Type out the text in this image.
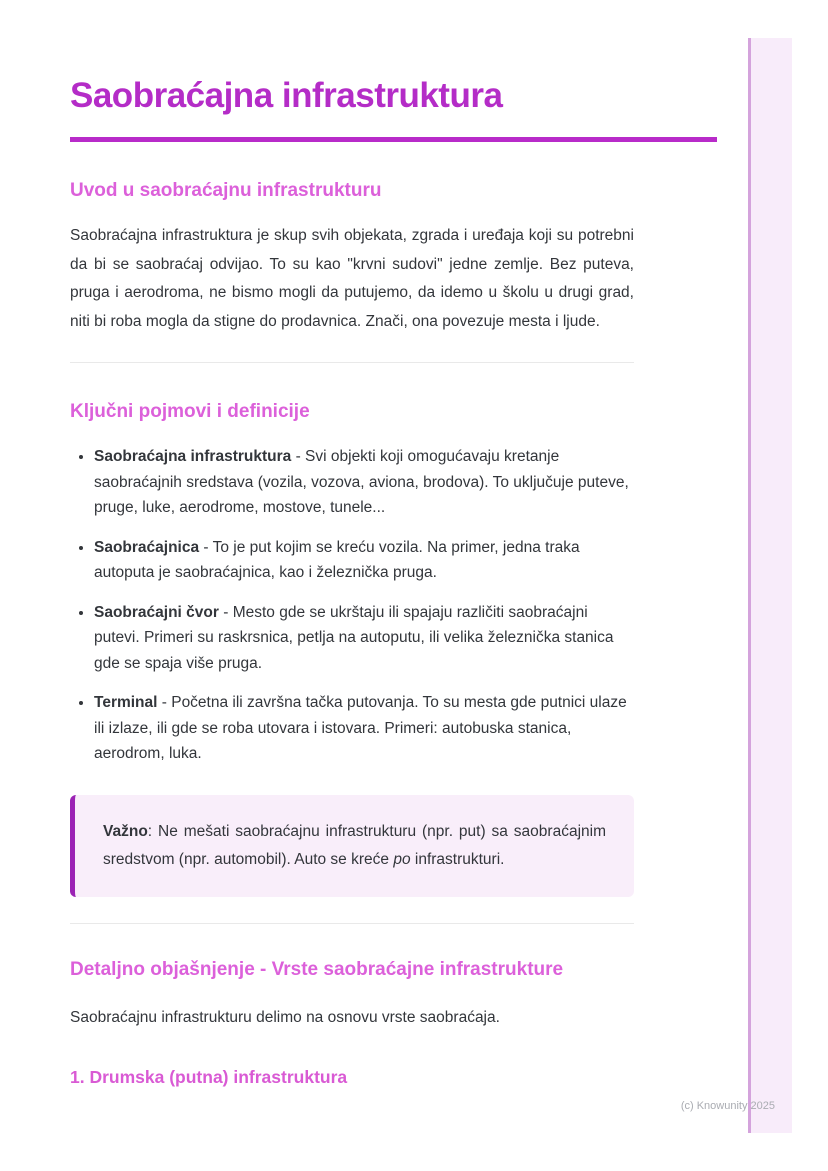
Saobraćajna infrastruktura
Uvod u saobraćajnu infrastrukturu

Saobraćajna infrastruktura je skup svih objekata, zgrada i uređaja koji su potrebni da bi se saobraćaj odvijao. To su kao "krvni sudovi" jedne zemlje. Bez puteva, pruga i aerodroma, ne bismo mogli da putujemo, da idemo u školu u drugi grad, niti bi roba mogla da stigne do prodavnica. Znači, ona povezuje mesta i ljude.

Ključni pojmovi i definicije
• Saobraćajna infrastruktura - Svi objekti koji omogućavaju kretanje saobraćajnih sredstava (vozila, vozova, aviona, brodova). To uključuje puteve, pruge, luke, aerodrome, mostove, tunele...
• Saobraćajnica - To je put kojim se kreću vozila. Na primer, jedna traka autoputa je saobraćajnica, kao i železnička pruga.
• Saobraćajni čvor - Mesto gde se ukrštaju ili spajaju različiti saobraćajni putevi. Primeri su raskrsnica, petlja na autoputu, ili velika železnička stanica gde se spaja više pruga.
• Terminal - Početna ili završna tačka putovanja. To su mesta gde putnici ulaze ili izlaze, ili gde se roba utovara i istovara. Primeri: autobuska stanica, aerodrom, luka.
Važno: Ne mešati saobraćajnu infrastrukturu (npr. put) sa saobraćajnim sredstvom (npr. automobil). Auto se kreće po infrastrukturi.
Detaljno objašnjenje - Vrste saobraćajne infrastrukture

Saobraćajnu infrastrukturu delimo na osnovu vrste saobraćaja.

1. Drumska (putna) infrastruktura
(c) Knowunity 2025
